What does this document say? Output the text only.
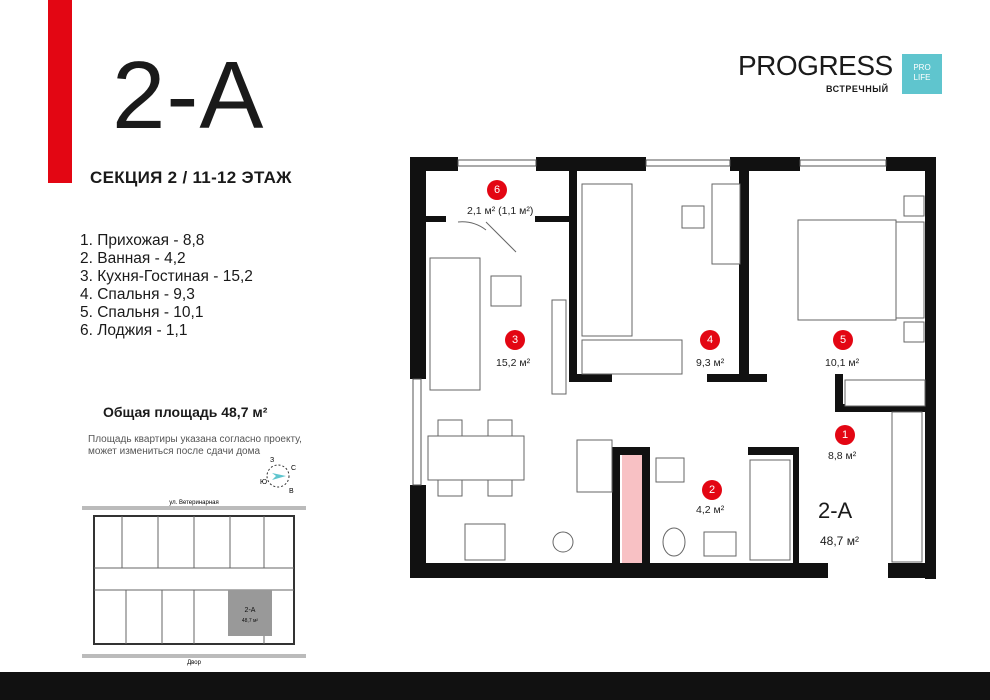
2-A
СЕКЦИЯ 2 / 11-12 ЭТАЖ
1. Прихожая - 8,8
2. Ванная - 4,2
3. Кухня-Гостиная - 15,2
4. Спальня - 9,3
5. Спальня - 10,1
6. Лоджия - 1,1
Общая площадь 48,7 м²
Площадь квартиры указана согласно проекту, может измениться после сдачи дома
С
В
Ю
З
PROGRESS
ВСТРЕЧНЫЙ
PRO
LIFE
6
2,1 м² (1,1 м²)
3
15,2 м²
4
9,3 м²
5
10,1 м²
1
8,8 м²
2
4,2 м²	2-А
48,7 м²
ул. Ветеринарная
Двор
2-А
48,7 м²
